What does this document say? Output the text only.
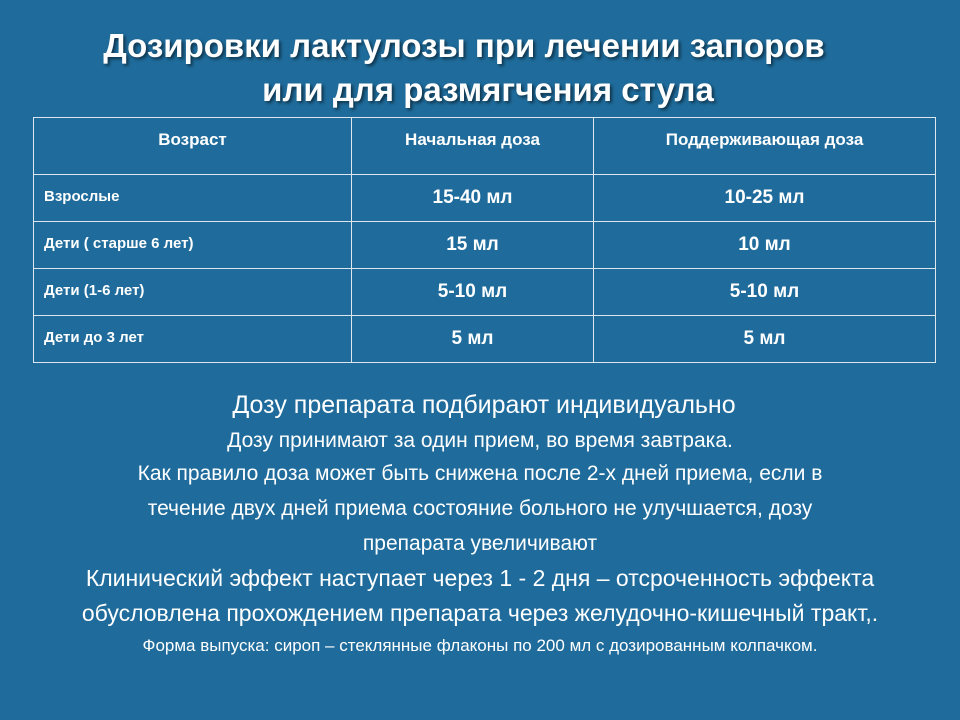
Дозировки лактулозы при лечении запоров
или для размягчения стула
Возраст	Начальная доза	Поддерживающая доза
Взрослые	15-40 мл	10-25 мл
Дети ( старше 6 лет)	15 мл	10 мл
Дети (1-6 лет)	5-10 мл	5-10 мл
Дети до 3 лет	5 мл	5 мл
Дозу препарата подбирают индивидуально
Дозу принимают за один прием, во время завтрака.
Как правило доза может быть снижена после 2-х дней приема, если в
течение двух дней приема состояние больного не улучшается, дозу
препарата увеличивают
Клинический эффект наступает через 1 - 2 дня – отсроченность эффекта
обусловлена прохождением препарата через желудочно-кишечный тракт,.
Форма выпуска: сироп – стеклянные флаконы по 200 мл с дозированным колпачком.
